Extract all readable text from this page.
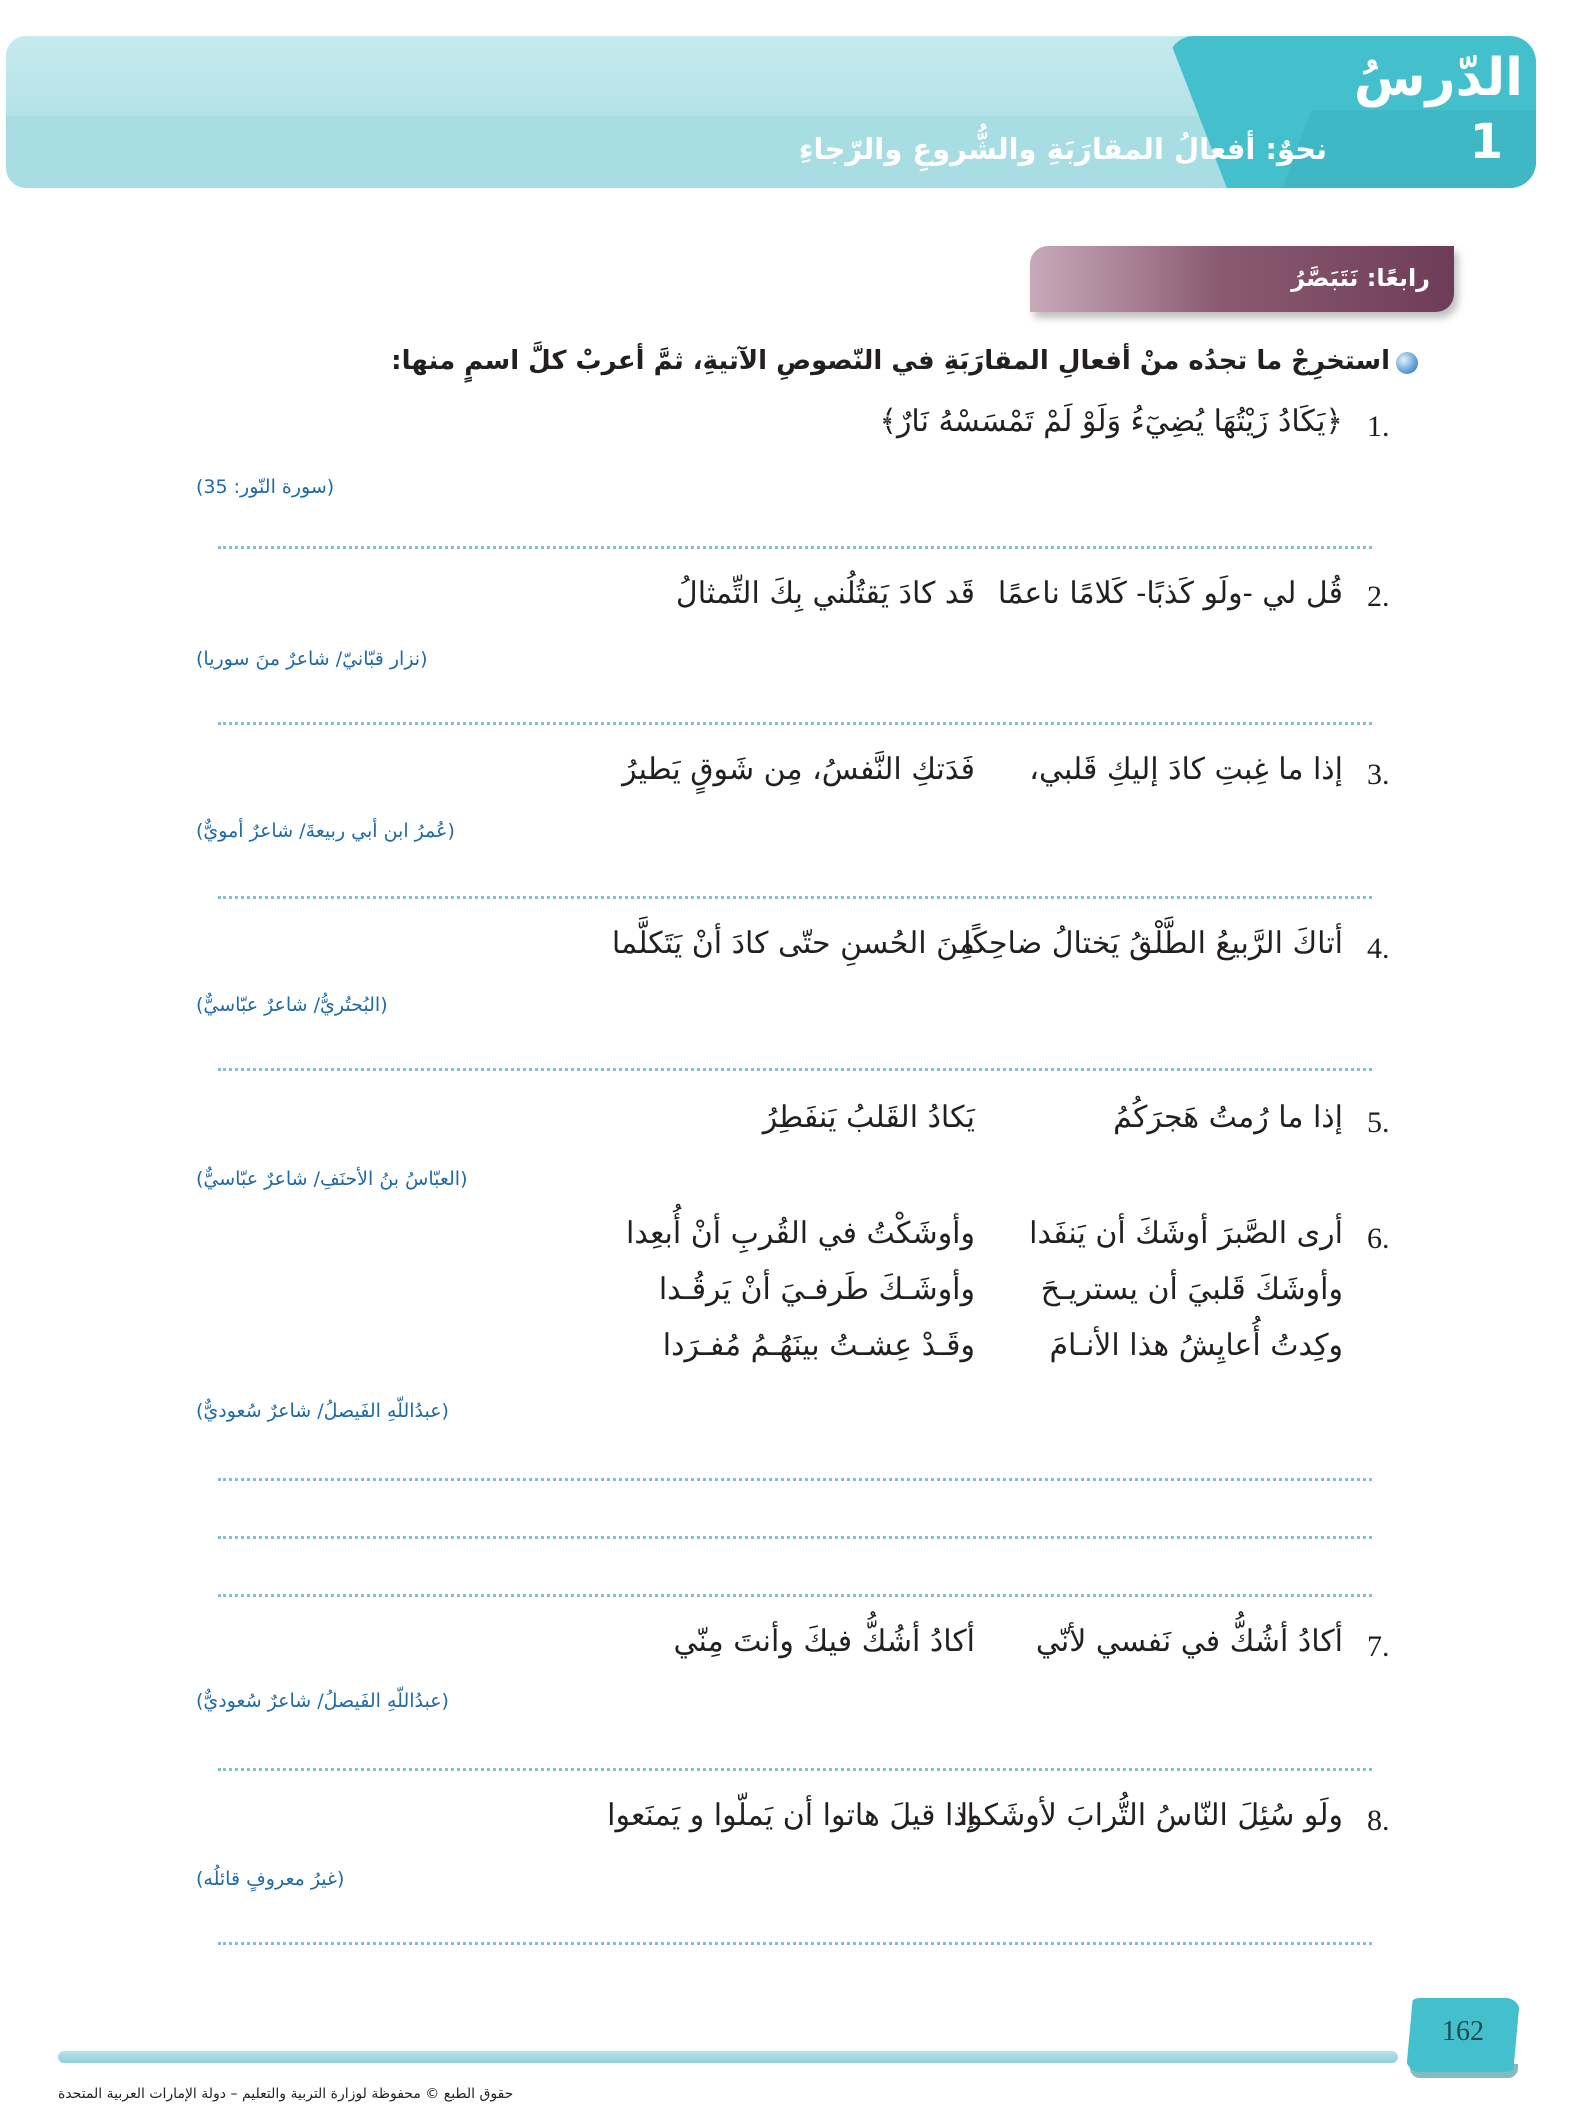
الدّرسُ
1
نحوٌ: أفعالُ المقارَبَةِ والشُّروعِ والرّجاءِ
رابعًا: نَتَبَصَّرُ
استخرِجْ ما تجدُه منْ أفعالِ المقارَبَةِ في النّصوصِ الآتيةِ، ثمَّ أعربْ كلَّ اسمٍ منها:
1.
﴿يَكَادُ زَيْتُهَا يُضِيٓءُ وَلَوْ لَمْ تَمْسَسْهُ نَارٌ﴾
(سورة النّور: 35)
2.
قُل لي -ولَو كَذبًا- كَلامًا ناعمًا
قَد كادَ يَقتُلُني بِكَ التِّمثالُ
(نزار قبّانيّ/ شاعرٌ منَ سوريا)
3.
إذا ما غِبتِ كادَ إليكِ قَلبي،
فَدَتكِ النَّفسُ، مِن شَوقٍ يَطيرُ
(عُمرُ ابن أبي ربيعةَ/ شاعرٌ أمويٌّ)
4.
أتاكَ الرَّبيعُ الطَّلْقُ يَختالُ ضاحِكًا
مِنَ الحُسنِ حتّى كادَ أنْ يَتَكلَّما
(البُحتُريُّ/ شاعرٌ عبّاسيٌّ)
5.
إذا ما رُمتُ هَجرَكُمُ
يَكادُ القَلبُ يَنفَطِرُ
(العبّاسُ بنُ الأحنَفِ/ شاعرٌ عبّاسيٌّ)
6.
أرى الصَّبرَ أوشَكَ أن يَنفَدا
وأوشَكْتُ في القُربِ أنْ أُبعِدا
وأوشَكَ قَلبيَ أن يستريـحَ
وأوشَـكَ طَرفـيَ أنْ يَرقُـدا
وكِدتُ أُعايِشُ هذا الأنـامَ
وقَـدْ عِشـتُ بينَهُـمُ مُفـرَدا
(عبدُاللّهِ الفَيصلُ/ شاعرٌ سُعوديٌّ)
7.
أكادُ أشُكُّ في نَفسي لأنّي
أكادُ أشُكُّ فيكَ وأنتَ مِنّي
(عبدُاللّهِ الفَيصلُ/ شاعرٌ سُعوديٌّ)
8.
ولَو سُئِلَ النّاسُ التُّرابَ لأوشَكوا
إذا قيلَ هاتوا أن يَملّوا و يَمنَعوا
(غيرُ معروفٍ قائلُه)
162
حقوق الطبع © محفوظة لوزارة التربية والتعليم – دولة الإمارات العربية المتحدة
